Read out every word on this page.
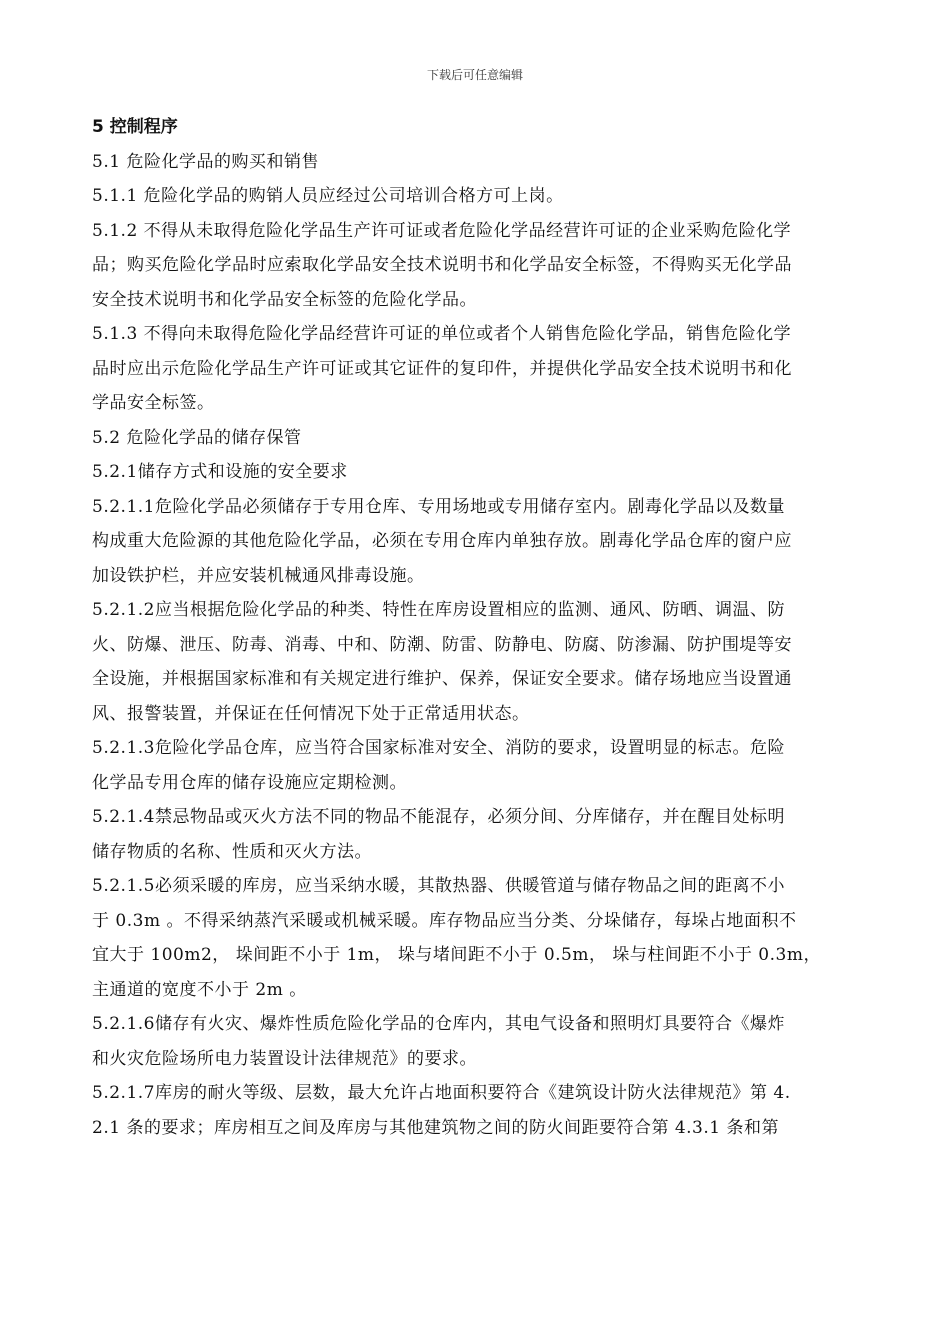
下载后可任意编辑
5 控制程序
5.1 危险化学品的购买和销售
5.1.1 危险化学品的购销人员应经过公司培训合格方可上岗。
5.1.2 不得从未取得危险化学品生产许可证或者危险化学品经营许可证的企业采购危险化学
品；购买危险化学品时应索取化学品安全技术说明书和化学品安全标签，不得购买无化学品
安全技术说明书和化学品安全标签的危险化学品。
5.1.3 不得向未取得危险化学品经营许可证的单位或者个人销售危险化学品，销售危险化学
品时应出示危险化学品生产许可证或其它证件的复印件，并提供化学品安全技术说明书和化
学品安全标签。
5.2 危险化学品的储存保管
5.2.1储存方式和设施的安全要求
5.2.1.1危险化学品必须储存于专用仓库、专用场地或专用储存室内。剧毒化学品以及数量
构成重大危险源的其他危险化学品，必须在专用仓库内单独存放。剧毒化学品仓库的窗户应
加设铁护栏，并应安装机械通风排毒设施。
5.2.1.2应当根据危险化学品的种类、特性在库房设置相应的监测、通风、防晒、调温、防
火、防爆、泄压、防毒、消毒、中和、防潮、防雷、防静电、防腐、防渗漏、防护围堤等安
全设施，并根据国家标准和有关规定进行维护、保养，保证安全要求。储存场地应当设置通
风、报警装置，并保证在任何情况下处于正常适用状态。
5.2.1.3危险化学品仓库，应当符合国家标准对安全、消防的要求，设置明显的标志。危险
化学品专用仓库的储存设施应定期检测。
5.2.1.4禁忌物品或灭火方法不同的物品不能混存，必须分间、分库储存，并在醒目处标明
储存物质的名称、性质和灭火方法。
5.2.1.5必须采暖的库房，应当采纳水暖，其散热器、供暖管道与储存物品之间的距离不小
于 0.3m 。不得采纳蒸汽采暖或机械采暖。库存物品应当分类、分垛储存，每垛占地面积不
宜大于 100m2， 垛间距不小于 1m， 垛与堵间距不小于 0.5m， 垛与柱间距不小于 0.3m，
主通道的宽度不小于 2m 。
5.2.1.6储存有火灾、爆炸性质危险化学品的仓库内，其电气设备和照明灯具要符合《爆炸
和火灾危险场所电力装置设计法律规范》的要求。
5.2.1.7库房的耐火等级、层数，最大允许占地面积要符合《建筑设计防火法律规范》第 4.
2.1 条的要求；库房相互之间及库房与其他建筑物之间的防火间距要符合第 4.3.1 条和第
